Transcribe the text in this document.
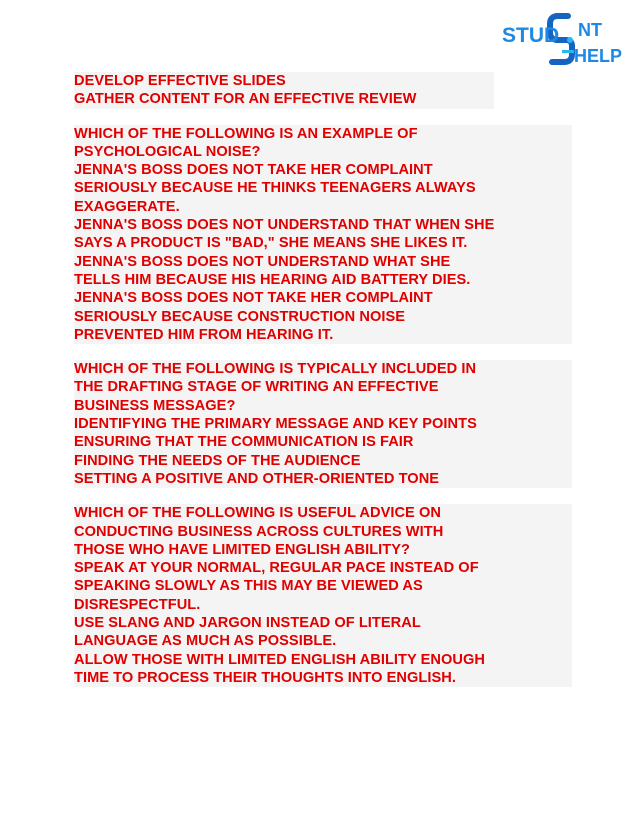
STUD NT
HELP
DEVELOP EFFECTIVE SLIDES
GATHER CONTENT FOR AN EFFECTIVE REVIEW
WHICH OF THE FOLLOWING IS AN EXAMPLE OF
PSYCHOLOGICAL NOISE?
JENNA'S BOSS DOES NOT TAKE HER COMPLAINT
SERIOUSLY BECAUSE HE THINKS TEENAGERS ALWAYS
EXAGGERATE.
JENNA'S BOSS DOES NOT UNDERSTAND THAT WHEN SHE
SAYS A PRODUCT IS "BAD," SHE MEANS SHE LIKES IT.
JENNA'S BOSS DOES NOT UNDERSTAND WHAT SHE
TELLS HIM BECAUSE HIS HEARING AID BATTERY DIES.
JENNA'S BOSS DOES NOT TAKE HER COMPLAINT
SERIOUSLY BECAUSE CONSTRUCTION NOISE
PREVENTED HIM FROM HEARING IT.
WHICH OF THE FOLLOWING IS TYPICALLY INCLUDED IN
THE DRAFTING STAGE OF WRITING AN EFFECTIVE
BUSINESS MESSAGE?
IDENTIFYING THE PRIMARY MESSAGE AND KEY POINTS
ENSURING THAT THE COMMUNICATION IS FAIR
FINDING THE NEEDS OF THE AUDIENCE
SETTING A POSITIVE AND OTHER-ORIENTED TONE
WHICH OF THE FOLLOWING IS USEFUL ADVICE ON
CONDUCTING BUSINESS ACROSS CULTURES WITH
THOSE WHO HAVE LIMITED ENGLISH ABILITY?
SPEAK AT YOUR NORMAL, REGULAR PACE INSTEAD OF
SPEAKING SLOWLY AS THIS MAY BE VIEWED AS
DISRESPECTFUL.
USE SLANG AND JARGON INSTEAD OF LITERAL
LANGUAGE AS MUCH AS POSSIBLE.
ALLOW THOSE WITH LIMITED ENGLISH ABILITY ENOUGH
TIME TO PROCESS THEIR THOUGHTS INTO ENGLISH.
